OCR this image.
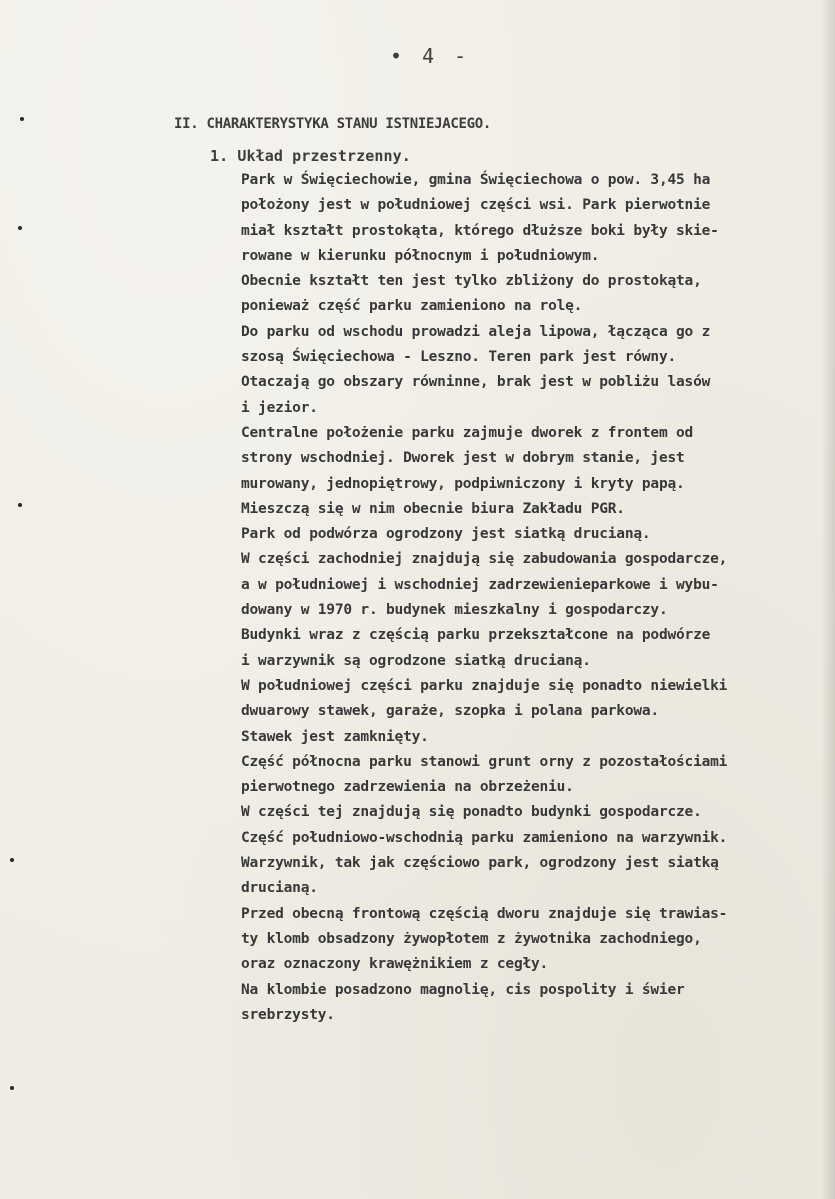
• 4 -
II. CHARAKTERYSTYKA STANU ISTNIEJACEGO.
1. Układ przestrzenny.
Park w Święciechowie, gmina Święciechowa o pow. 3,45 ha
położony jest w południowej części wsi. Park pierwotnie
miał kształt prostokąta, którego dłuższe boki były skie-
rowane w kierunku północnym i południowym.
Obecnie kształt ten jest tylko zbliżony do prostokąta,
ponieważ część parku zamieniono na rolę.
Do parku od wschodu prowadzi aleja lipowa, łącząca go z
szosą Święciechowa - Leszno. Teren park jest równy.
Otaczają go obszary równinne, brak jest w pobliżu lasów
i jezior.
Centralne położenie parku zajmuje dworek z frontem od
strony wschodniej. Dworek jest w dobrym stanie, jest
murowany, jednopiętrowy, podpiwniczony i kryty papą.
Mieszczą się w nim obecnie biura Zakładu PGR.
Park od podwórza ogrodzony jest siatką drucianą.
W części zachodniej znajdują się zabudowania gospodarcze,
a w południowej i wschodniej zadrzewienieparkowe i wybu-
dowany w 1970 r. budynek mieszkalny i gospodarczy.
Budynki wraz z częścią parku przekształcone na podwórze
i warzywnik są ogrodzone siatką drucianą.
W południowej części parku znajduje się ponadto niewielki
dwuarowy stawek, garaże, szopka i polana parkowa.
Stawek jest zamknięty.
Część północna parku stanowi grunt orny z pozostałościami
pierwotnego zadrzewienia na obrzeżeniu.
W części tej znajdują się ponadto budynki gospodarcze.
Część południowo-wschodnią parku zamieniono na warzywnik.
Warzywnik, tak jak częściowo park, ogrodzony jest siatką
drucianą.
Przed obecną frontową częścią dworu znajduje się trawias-
ty klomb obsadzony żywopłotem z żywotnika zachodniego,
oraz oznaczony krawężnikiem z cegły.
Na klombie posadzono magnolię, cis pospolity i świer
srebrzysty.
